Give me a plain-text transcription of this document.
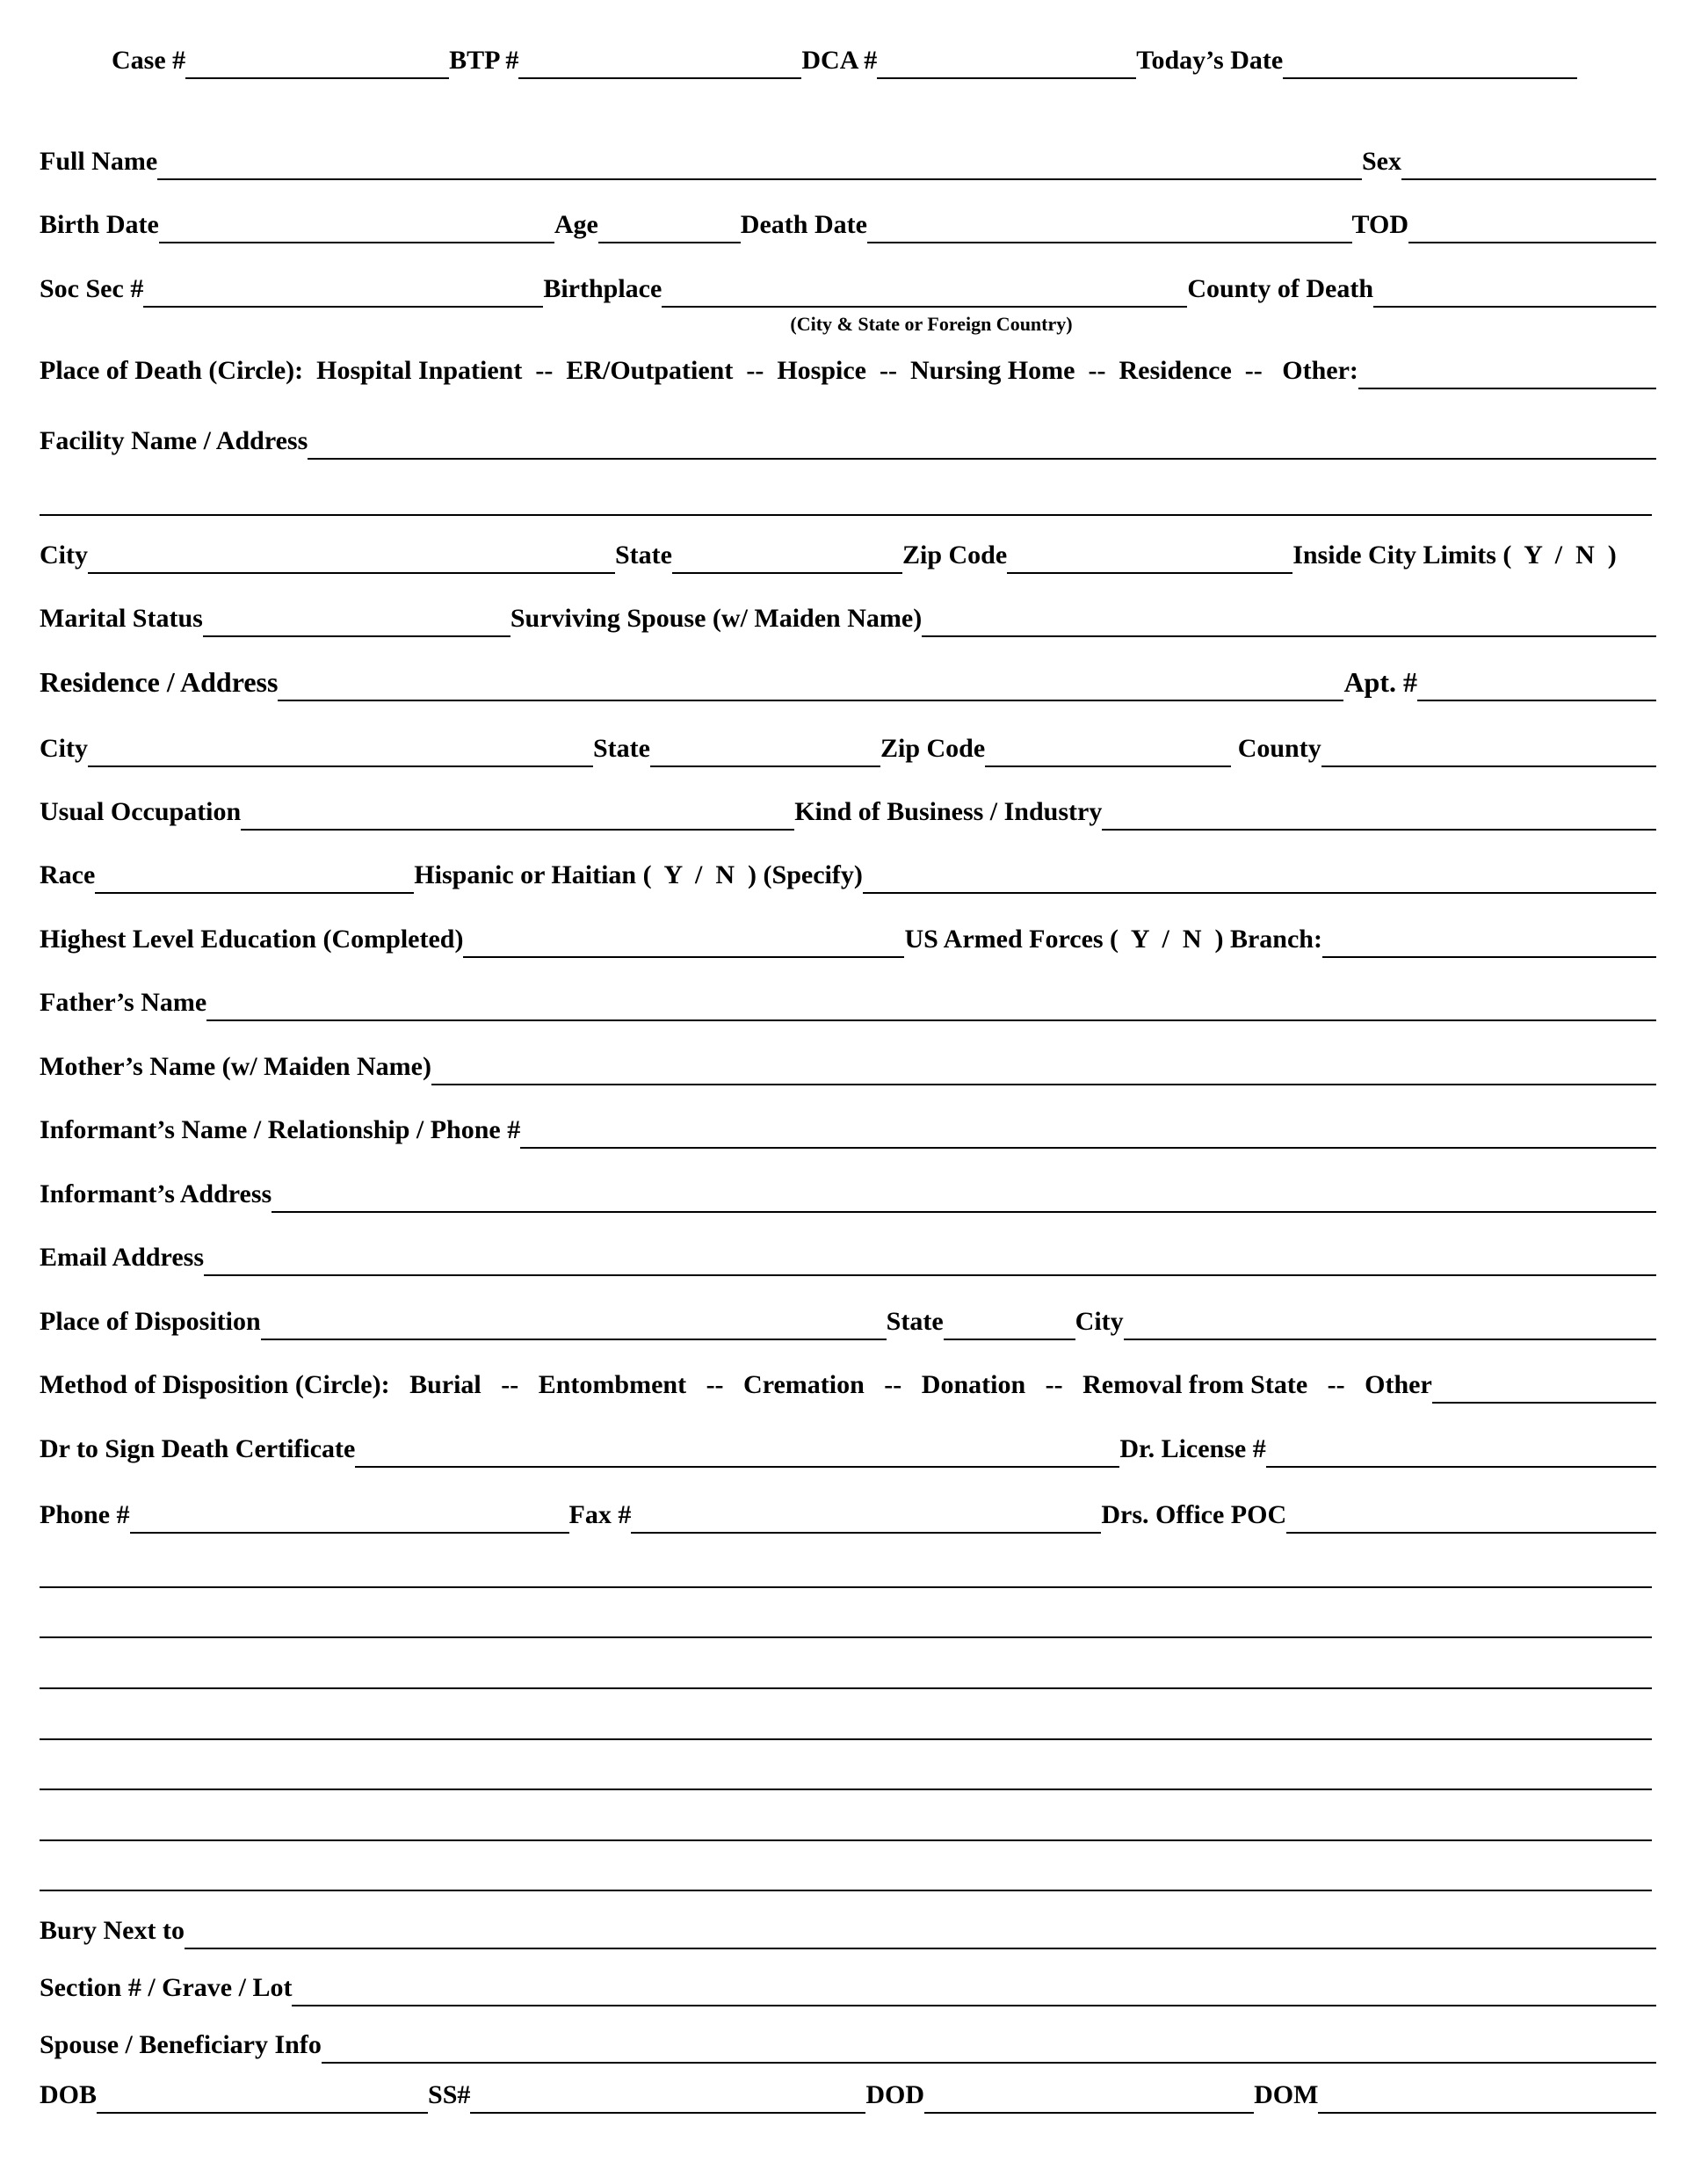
Case #	BTP #	DCA #	Today’s Date
Full Name	Sex
Birth Date	Age	Death Date	TOD
Soc Sec #	Birthplace	County of Death
(City & State or Foreign Country)
Place of Death (Circle):  Hospital Inpatient  --  ER/Outpatient  --  Hospice  --  Nursing Home  --  Residence  --   Other:
Facility Name / Address
City	State	Zip Code	Inside City Limits (  Y  /  N  )
Marital Status	Surviving Spouse (w/ Maiden Name)
Residence / Address	Apt. #
City	State	Zip Code	County
Usual Occupation	Kind of Business / Industry
Race	Hispanic or Haitian (  Y  /  N  ) (Specify)
Highest Level Education (Completed)	US Armed Forces (  Y  /  N  ) Branch:
Father’s Name
Mother’s Name (w/ Maiden Name)
Informant’s Name / Relationship / Phone #
Informant’s Address
Email Address
Place of Disposition	State	City
Method of Disposition (Circle):   Burial   --   Entombment   --   Cremation   --   Donation   --   Removal from State   --   Other
Dr to Sign Death Certificate	Dr. License #
Phone #	Fax #	Drs. Office POC
Bury Next to
Section # / Grave / Lot
Spouse / Beneficiary Info
DOB	SS#	DOD	DOM
